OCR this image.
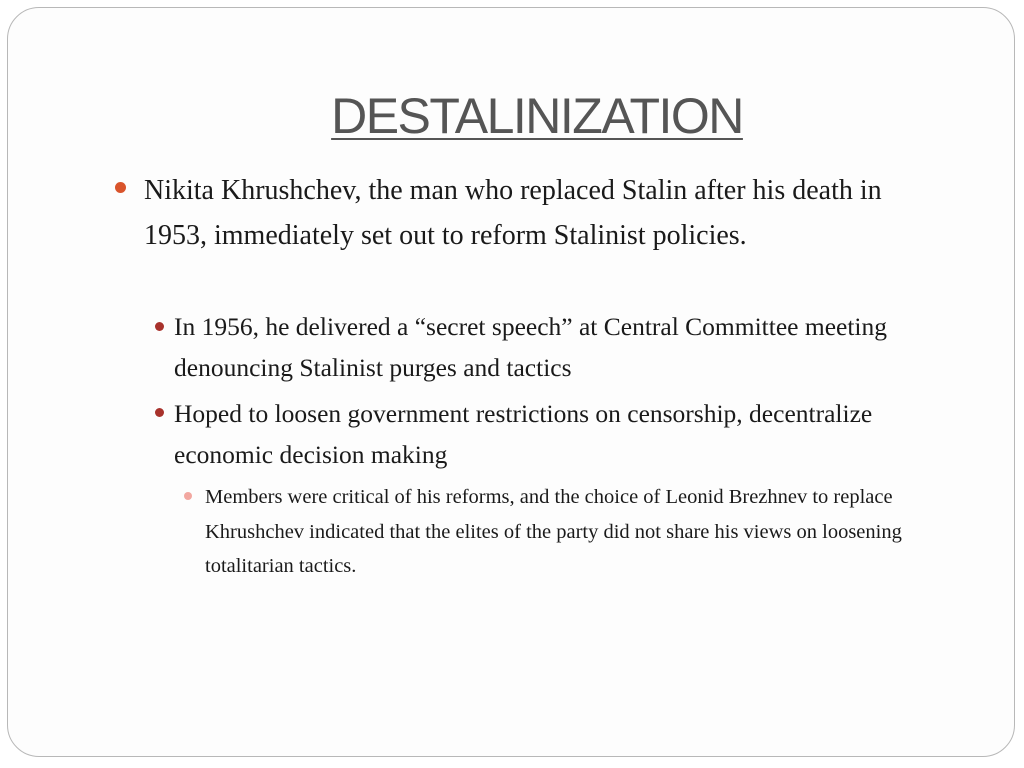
DESTALINIZATION

Nikita Khrushchev, the man who replaced Stalin after his death in 1953, immediately set out to reform Stalinist policies.

In 1956, he delivered a “secret speech” at Central Committee meeting denouncing Stalinist purges and tactics

Hoped to loosen government restrictions on censorship, decentralize economic decision making

Members were critical of his reforms, and the choice of Leonid Brezhnev to replace Khrushchev indicated that the elites of the party did not share his views on loosening totalitarian tactics.
